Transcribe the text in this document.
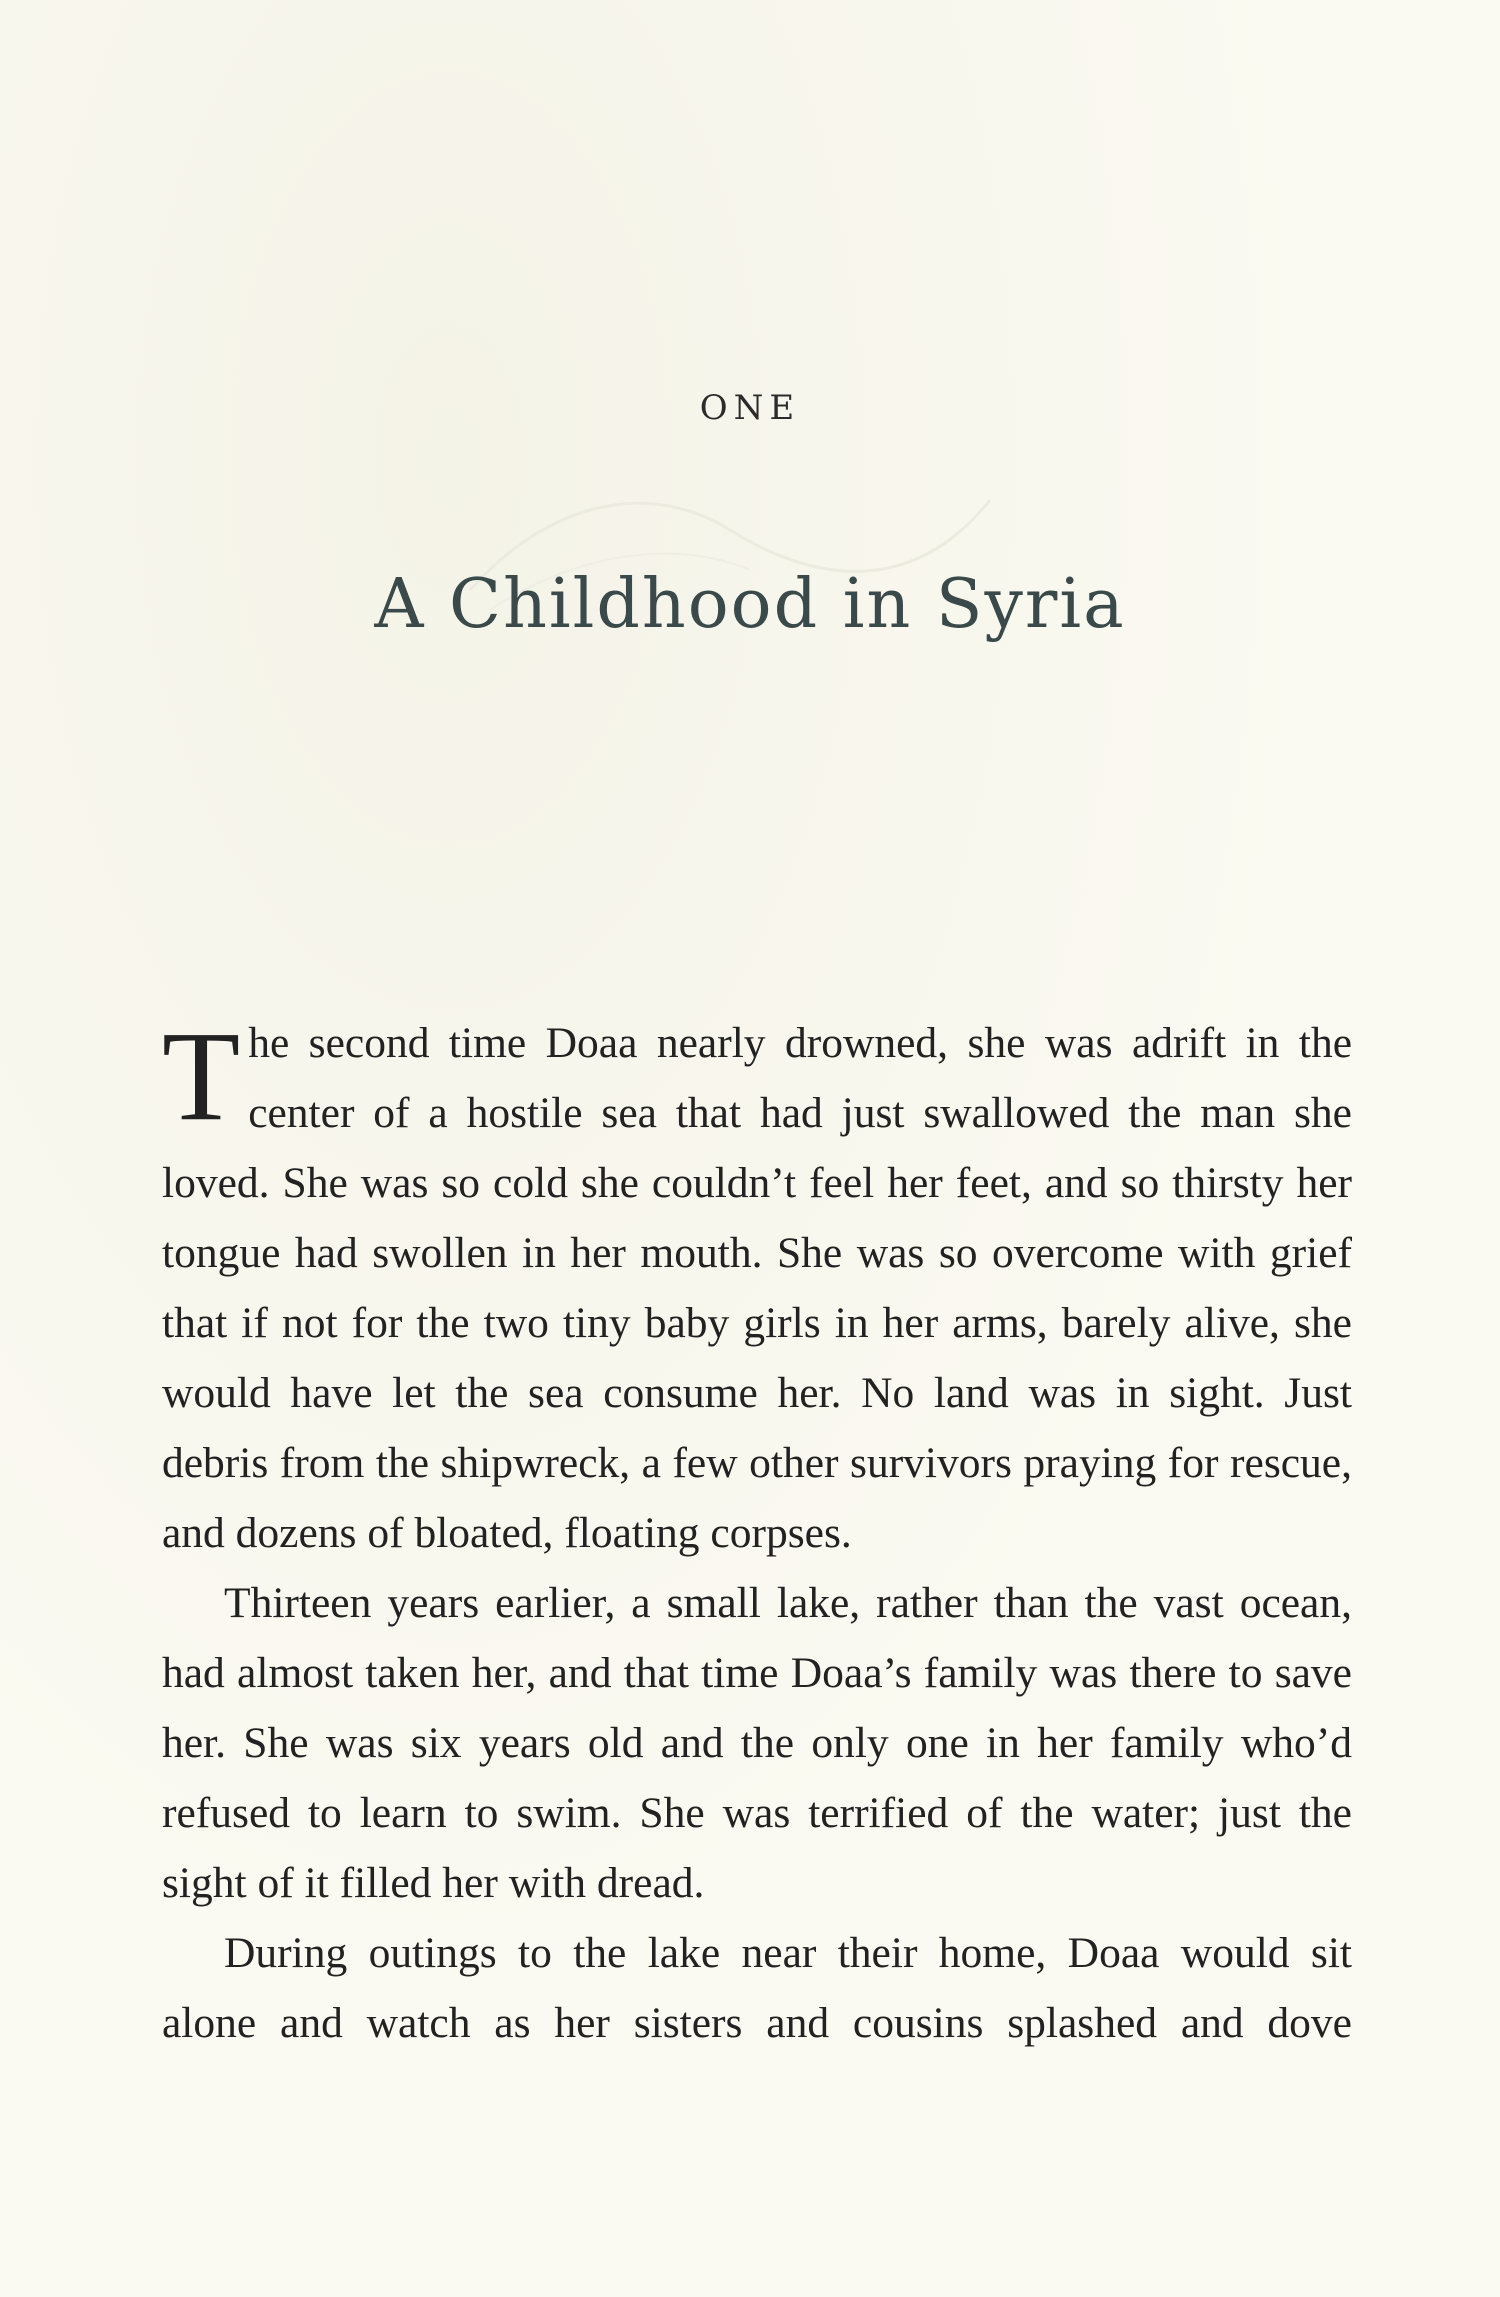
ONE
A Childhood in Syria

The second time Doaa nearly drowned, she was adrift in the center of a hostile sea that had just swallowed the man she loved. She was so cold she couldn’t feel her feet, and so thirsty her tongue had swollen in her mouth. She was so overcome with grief that if not for the two tiny baby girls in her arms, barely alive, she would have let the sea consume her. No land was in sight. Just debris from the shipwreck, a few other survivors praying for rescue, and dozens of bloated, floating corpses.

Thirteen years earlier, a small lake, rather than the vast ocean, had almost taken her, and that time Doaa’s family was there to save her. She was six years old and the only one in her family who’d refused to learn to swim. She was terrified of the water; just the sight of it filled her with dread.

During outings to the lake near their home, Doaa would sit alone and watch as her sisters and cousins splashed and dove
